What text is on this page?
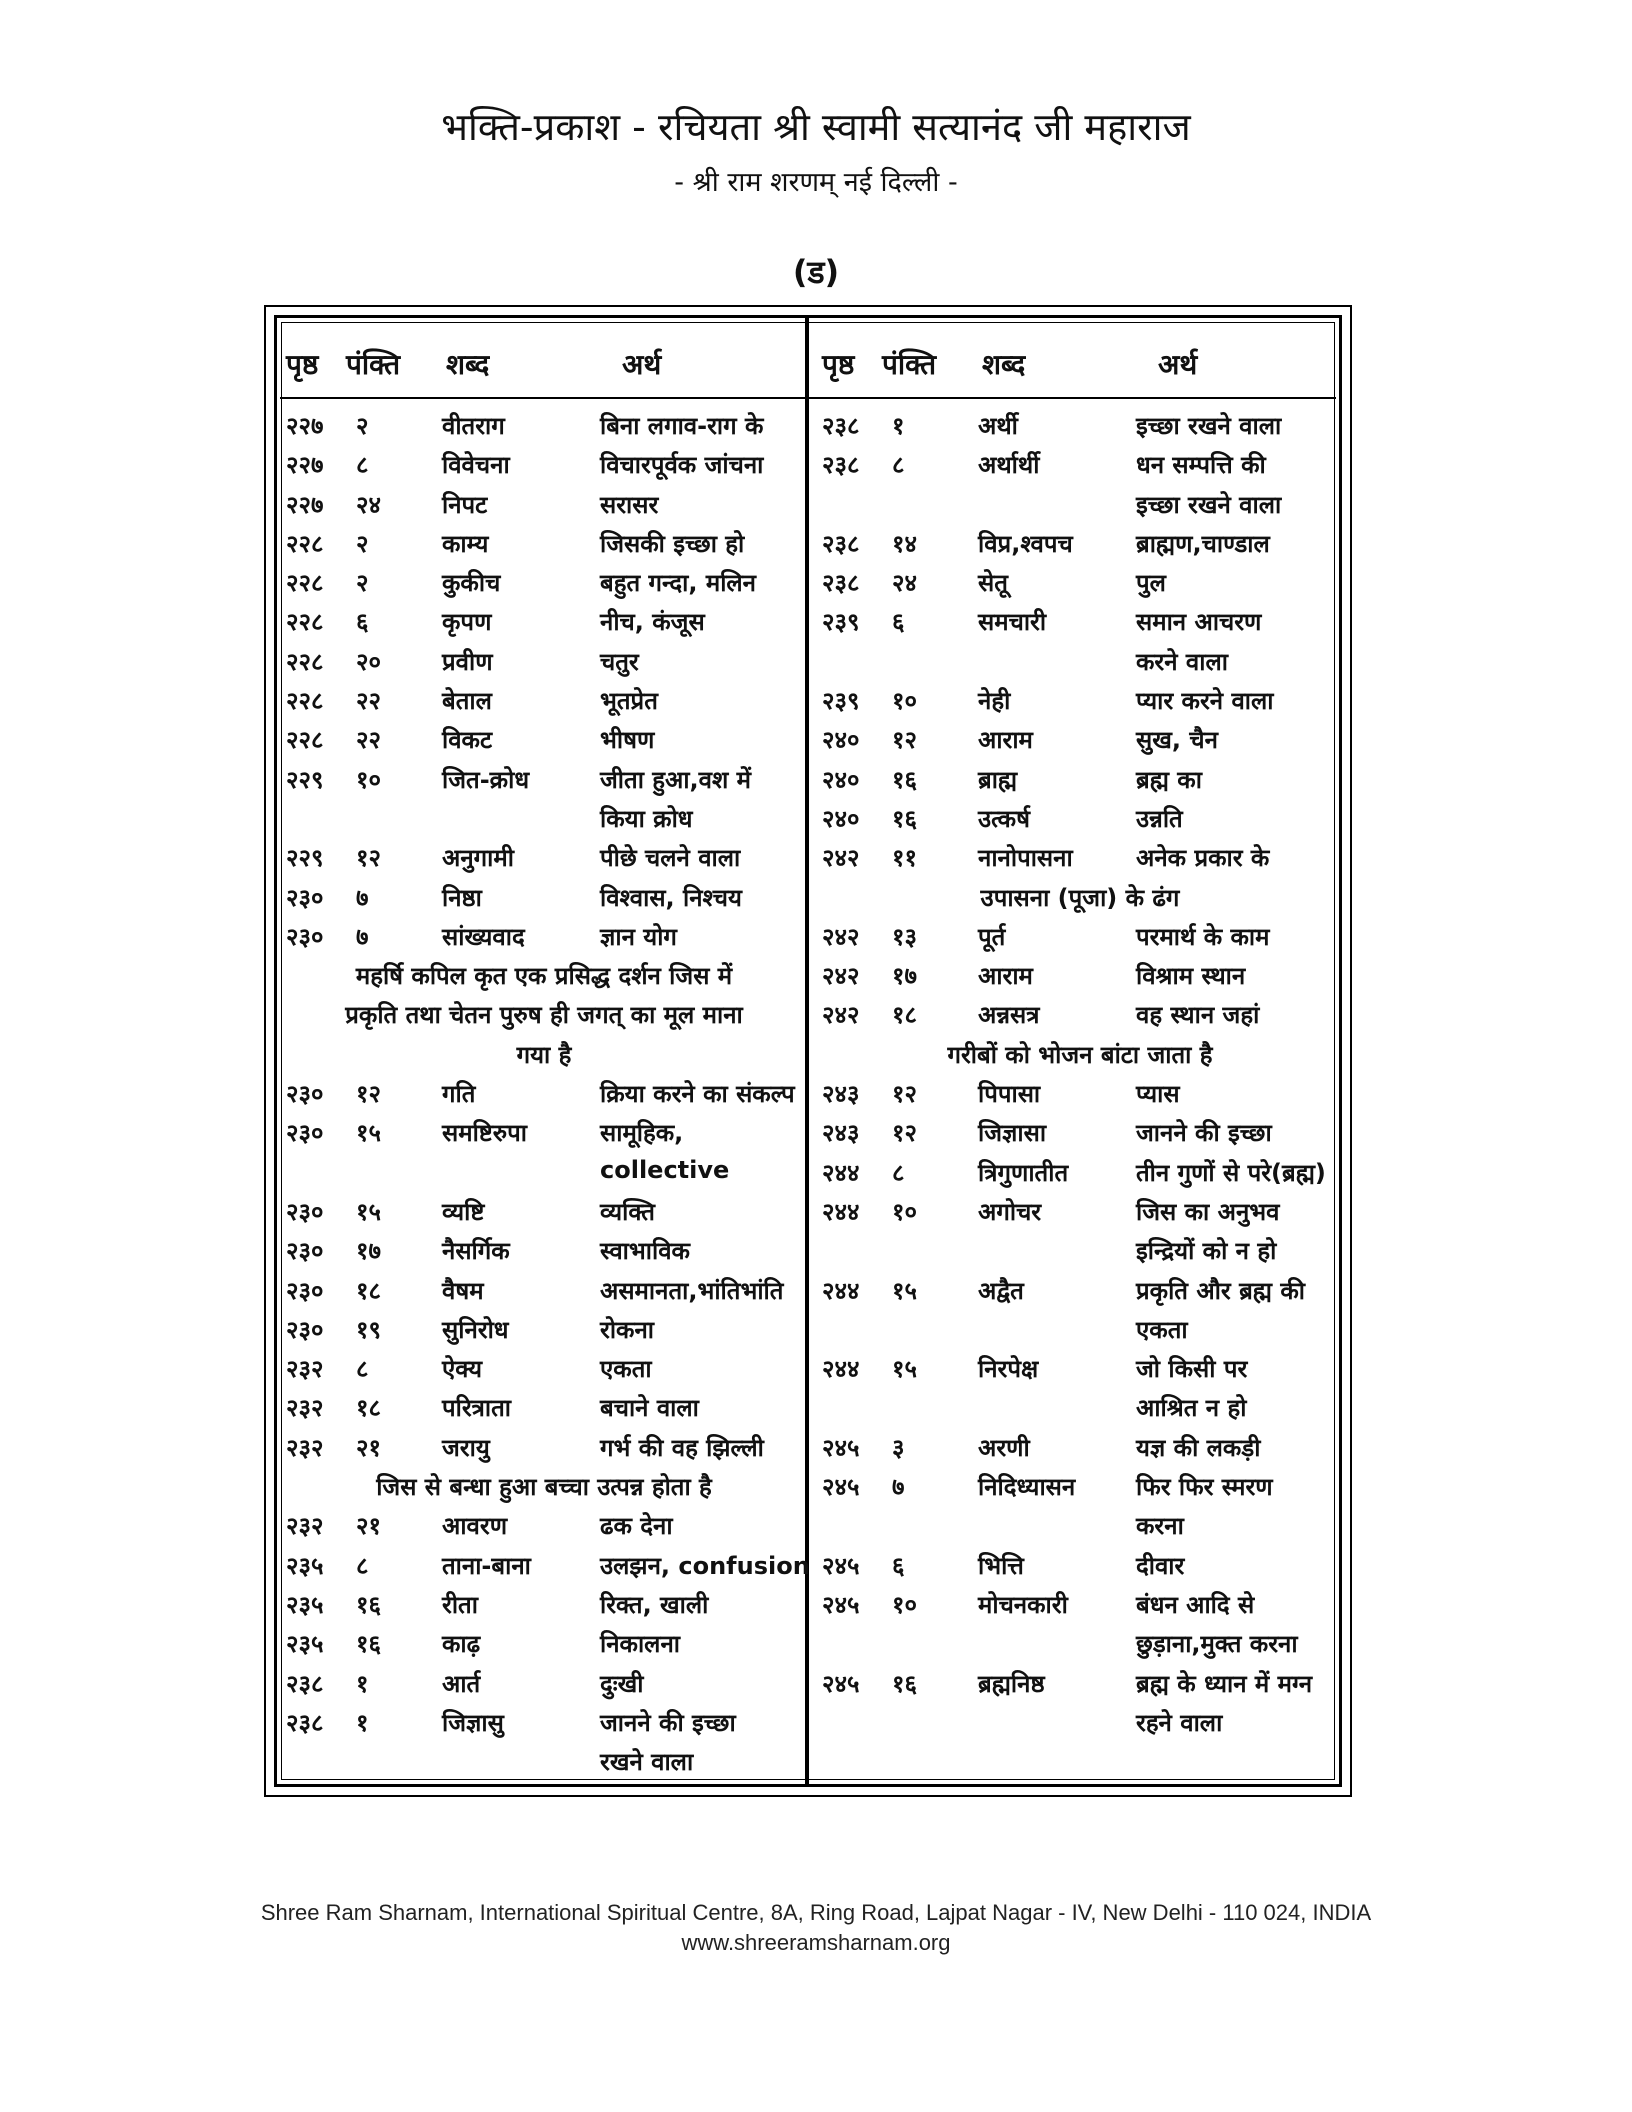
भक्ति-प्रकाश - रचियता श्री स्वामी सत्यानंद जी महाराज
- श्री राम शरणम् नई दिल्ली -
(ड)
पृष्ठ पंक्ति शब्द	अर्थ
२२७ २	वीतराग	बिना लगाव-राग के
२२७ ८	विवेचना	विचारपूर्वक जांचना
२२७ २४	निपट	सरासर
२२८ २	काम्य	जिसकी इच्छा हो
२२८ २	कुकीच	बहुत गन्दा, मलिन
२२८ ६	कृपण	नीच, कंजूस
२२८ २०	प्रवीण	चतुर
२२८ २२	बेताल	भूतप्रेत
२२८ २२	विकट	भीषण
२२९ १०	जित-क्रोध	जीता हुआ,वश में
किया क्रोध
२२९ १२	अनुगामी	पीछे चलने वाला
२३० ७	निष्ठा	विश्वास, निश्चय
२३० ७	सांख्यवाद	ज्ञान योग
महर्षि कपिल कृत एक प्रसिद्ध दर्शन जिस में
प्रकृति तथा चेतन पुरुष ही जगत् का मूल माना
गया है
२३० १२	गति	क्रिया करने का संकल्प
२३० १५	समष्टिरुपा	सामूहिक,
collective
२३० १५	व्यष्टि	व्यक्ति
२३० १७	नैसर्गिक	स्वाभाविक
२३० १८	वैषम	असमानता,भांतिभांति
२३० १९	सुनिरोध	रोकना
२३२ ८	ऐक्य	एकता
२३२ १८	परित्राता	बचाने वाला
२३२ २१	जरायु	गर्भ की वह झिल्ली
जिस से बन्धा हुआ बच्चा उत्पन्न होता है
२३२ २१	आवरण	ढक देना
२३५ ८	ताना-बाना	उलझन, confusion
२३५ १६	रीता	रिक्त, खाली
२३५ १६	काढ़	निकालना
२३८ १	आर्त	दुःखी
२३८ १	जिज्ञासु	जानने की इच्छा
रखने वाला
पृष्ठ पंक्ति शब्द	अर्थ
२३८ १	अर्थी	इच्छा रखने वाला
२३८ ८	अर्थार्थी	धन सम्पत्ति की
इच्छा रखने वाला
२३८ १४	विप्र,श्वपच	ब्राह्मण,चाण्डाल
२३८ २४	सेतू	पुल
२३९ ६	समचारी	समान आचरण
करने वाला
२३९ १०	नेही	प्यार करने वाला
२४० १२	आराम	सुख, चैन
२४० १६	ब्राह्म	ब्रह्म का
२४० १६	उत्कर्ष	उन्नति
२४२ ११	नानोपासना	अनेक प्रकार के
उपासना (पूजा) के ढंग
२४२ १३	पूर्त	परमार्थ के काम
२४२ १७	आराम	विश्राम स्थान
२४२ १८	अन्नसत्र	वह स्थान जहां
गरीबों को भोजन बांटा जाता है
२४३ १२	पिपासा	प्यास
२४३ १२	जिज्ञासा	जानने की इच्छा
२४४ ८	त्रिगुणातीत	तीन गुणों से परे(ब्रह्म)
२४४ १०	अगोचर	जिस का अनुभव
इन्द्रियों को न हो
२४४ १५	अद्वैत	प्रकृति और ब्रह्म की
एकता
२४४ १५	निरपेक्ष	जो किसी पर
आश्रित न हो
२४५ ३	अरणी	यज्ञ की लकड़ी
२४५ ७	निदिध्यासन	फिर फिर स्मरण
करना
२४५ ६	भित्ति	दीवार
२४५ १०	मोचनकारी	बंधन आदि से
छुड़ाना,मुक्त करना
२४५ १६	ब्रह्मनिष्ठ	ब्रह्म के ध्यान में मग्न
रहने वाला
Shree Ram Sharnam, International Spiritual Centre, 8A, Ring Road, Lajpat Nagar - IV, New Delhi - 110 024, INDIA
www.shreeramsharnam.org
